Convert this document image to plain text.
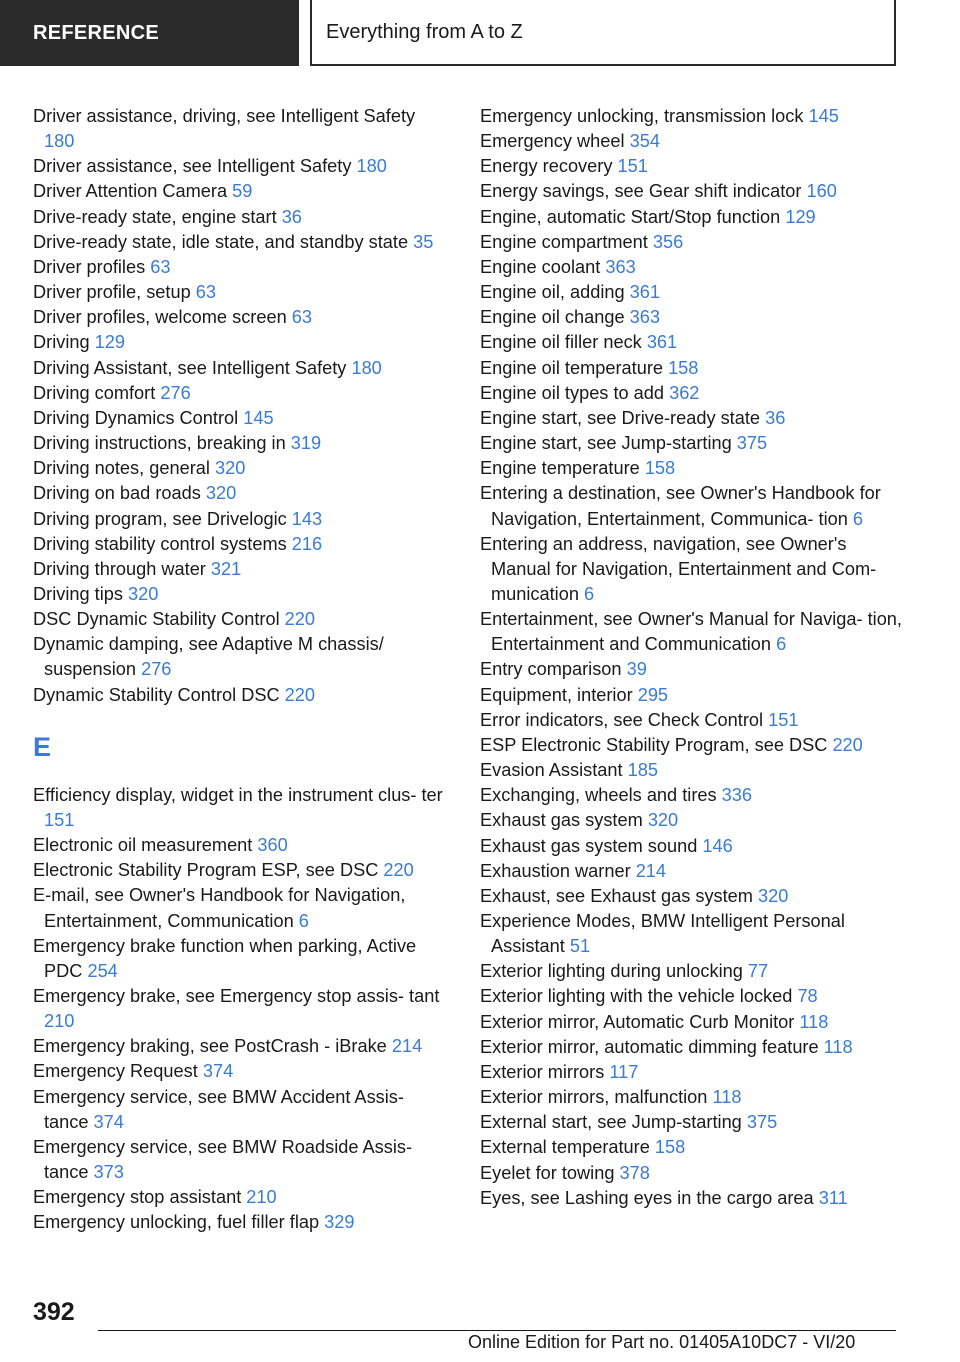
REFERENCE	Everything from A to Z
Driver assistance, driving, see Intelligent Safety 180
Driver assistance, see Intelligent Safety 180
Driver Attention Camera 59
Drive-ready state, engine start 36
Drive-ready state, idle state, and standby state 35
Driver profiles 63
Driver profile, setup 63
Driver profiles, welcome screen 63
Driving 129
Driving Assistant, see Intelligent Safety 180
Driving comfort 276
Driving Dynamics Control 145
Driving instructions, breaking in 319
Driving notes, general 320
Driving on bad roads 320
Driving program, see Drivelogic 143
Driving stability control systems 216
Driving through water 321
Driving tips 320
DSC Dynamic Stability Control 220
Dynamic damping, see Adaptive M chassis/ suspension 276
Dynamic Stability Control DSC 220
E
Efficiency display, widget in the instrument clus‐ ter 151
Electronic oil measurement 360
Electronic Stability Program ESP, see DSC 220
E-mail, see Owner's Handbook for Navigation, Entertainment, Communication 6
Emergency brake function when parking, Active PDC 254
Emergency brake, see Emergency stop assis‐ tant 210
Emergency braking, see PostCrash - iBrake 214
Emergency Request 374
Emergency service, see BMW Accident Assis‐ tance 374
Emergency service, see BMW Roadside Assis‐ tance 373
Emergency stop assistant 210
Emergency unlocking, fuel filler flap 329
Emergency unlocking, transmission lock 145
Emergency wheel 354
Energy recovery 151
Energy savings, see Gear shift indicator 160
Engine, automatic Start/Stop function 129
Engine compartment 356
Engine coolant 363
Engine oil, adding 361
Engine oil change 363
Engine oil filler neck 361
Engine oil temperature 158
Engine oil types to add 362
Engine start, see Drive-ready state 36
Engine start, see Jump-starting 375
Engine temperature 158
Entering a destination, see Owner's Handbook for Navigation, Entertainment, Communica‐ tion 6
Entering an address, navigation, see Owner's Manual for Navigation, Entertainment and Com‐ munication 6
Entertainment, see Owner's Manual for Naviga‐ tion, Entertainment and Communication 6
Entry comparison 39
Equipment, interior 295
Error indicators, see Check Control 151
ESP Electronic Stability Program, see DSC 220
Evasion Assistant 185
Exchanging, wheels and tires 336
Exhaust gas system 320
Exhaust gas system sound 146
Exhaustion warner 214
Exhaust, see Exhaust gas system 320
Experience Modes, BMW Intelligent Personal Assistant 51
Exterior lighting during unlocking 77
Exterior lighting with the vehicle locked 78
Exterior mirror, Automatic Curb Monitor 118
Exterior mirror, automatic dimming feature 118
Exterior mirrors 117
Exterior mirrors, malfunction 118
External start, see Jump-starting 375
External temperature 158
Eyelet for towing 378
Eyes, see Lashing eyes in the cargo area 311
392
Online Edition for Part no. 01405A10DC7 - VI/20
